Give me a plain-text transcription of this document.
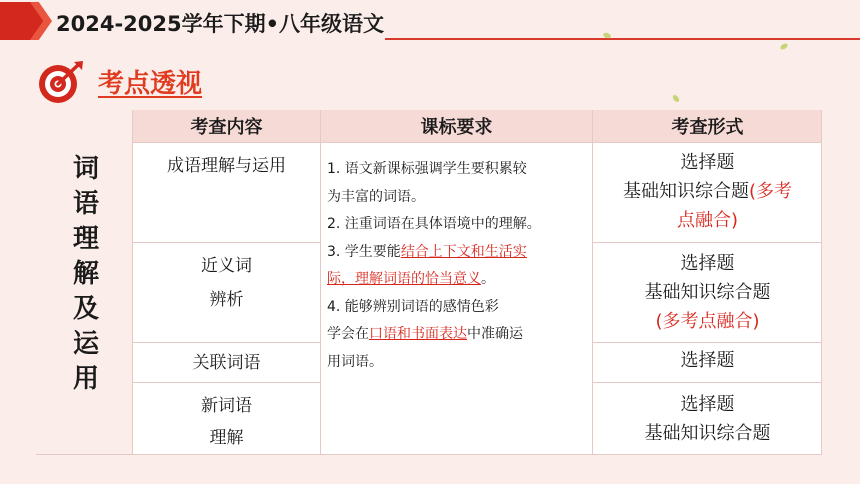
2024-2025学年下期•八年级语文
考点透视
词
语
理
解
及
运
用
考查内容	课标要求	考查形式
成语理解与运用
近义词
辨析
关联词语
新词语
理解

1. 语文新课标强调学生要积累较

为丰富的词语。

2. 注重词语在具体语境中的理解。

3. 学生要能结合上下文和生活实

际，理解词语的恰当意义。

4. 能够辨别词语的感情色彩

学会在口语和书面表达中准确运

用词语。

选择题
基础知识综合题(多考
点融合)
选择题
基础知识综合题
(多考点融合)
选择题
选择题
基础知识综合题
